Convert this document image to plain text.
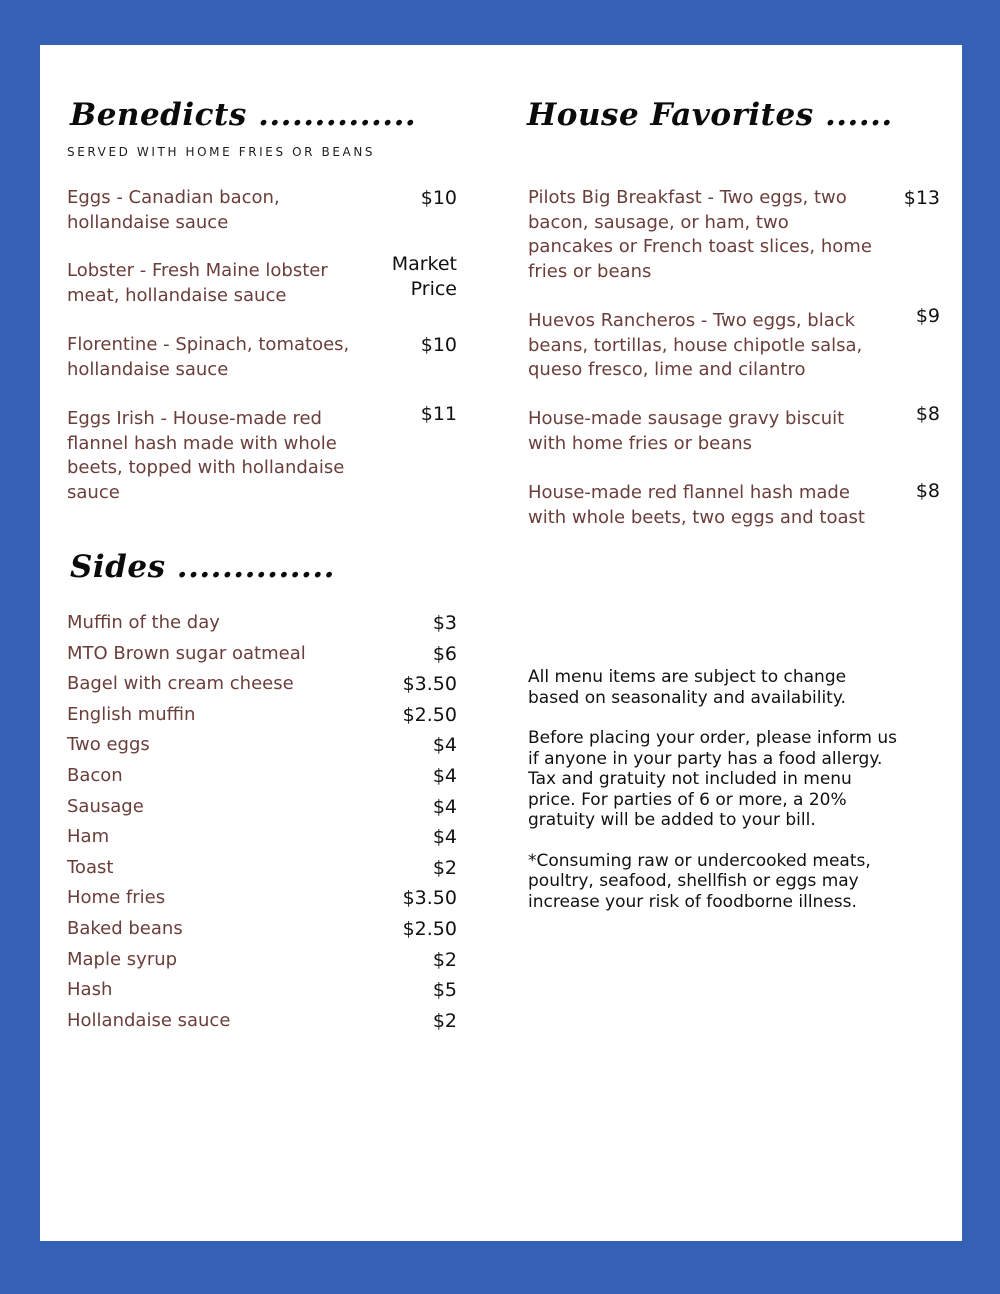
Benedicts ..............
SERVED WITH HOME FRIES OR BEANS
Eggs - Canadian bacon, hollandaise sauce
$10
Lobster - Fresh Maine lobster meat, hollandaise sauce
Market Price
Florentine - Spinach, tomatoes, hollandaise sauce
$10
Eggs Irish - House-made red flannel hash made with whole beets, topped with hollandaise sauce
$11
House Favorites ......
Pilots Big Breakfast - Two eggs, two bacon, sausage, or ham, two pancakes or French toast slices, home fries or beans
$13
Huevos Rancheros - Two eggs, black beans, tortillas, house chipotle salsa, queso fresco, lime and cilantro
$9
House-made sausage gravy biscuit with home fries or beans
$8
House-made red flannel hash made with whole beets, two eggs and toast
$8
Sides ..............
Muffin of the day	$3
MTO Brown sugar oatmeal	$6
Bagel with cream cheese	$3.50
English muffin	$2.50
Two eggs	$4
Bacon	$4
Sausage	$4
Ham	$4
Toast	$2
Home fries	$3.50
Baked beans	$2.50
Maple syrup	$2
Hash	$5
Hollandaise sauce	$2

All menu items are subject to change based on seasonality and availability.

Before placing your order, please inform us if anyone in your party has a food allergy. Tax and gratuity not included in menu price. For parties of 6 or more, a 20% gratuity will be added to your bill.

*Consuming raw or undercooked meats, poultry, seafood, shellfish or eggs may increase your risk of foodborne illness.
